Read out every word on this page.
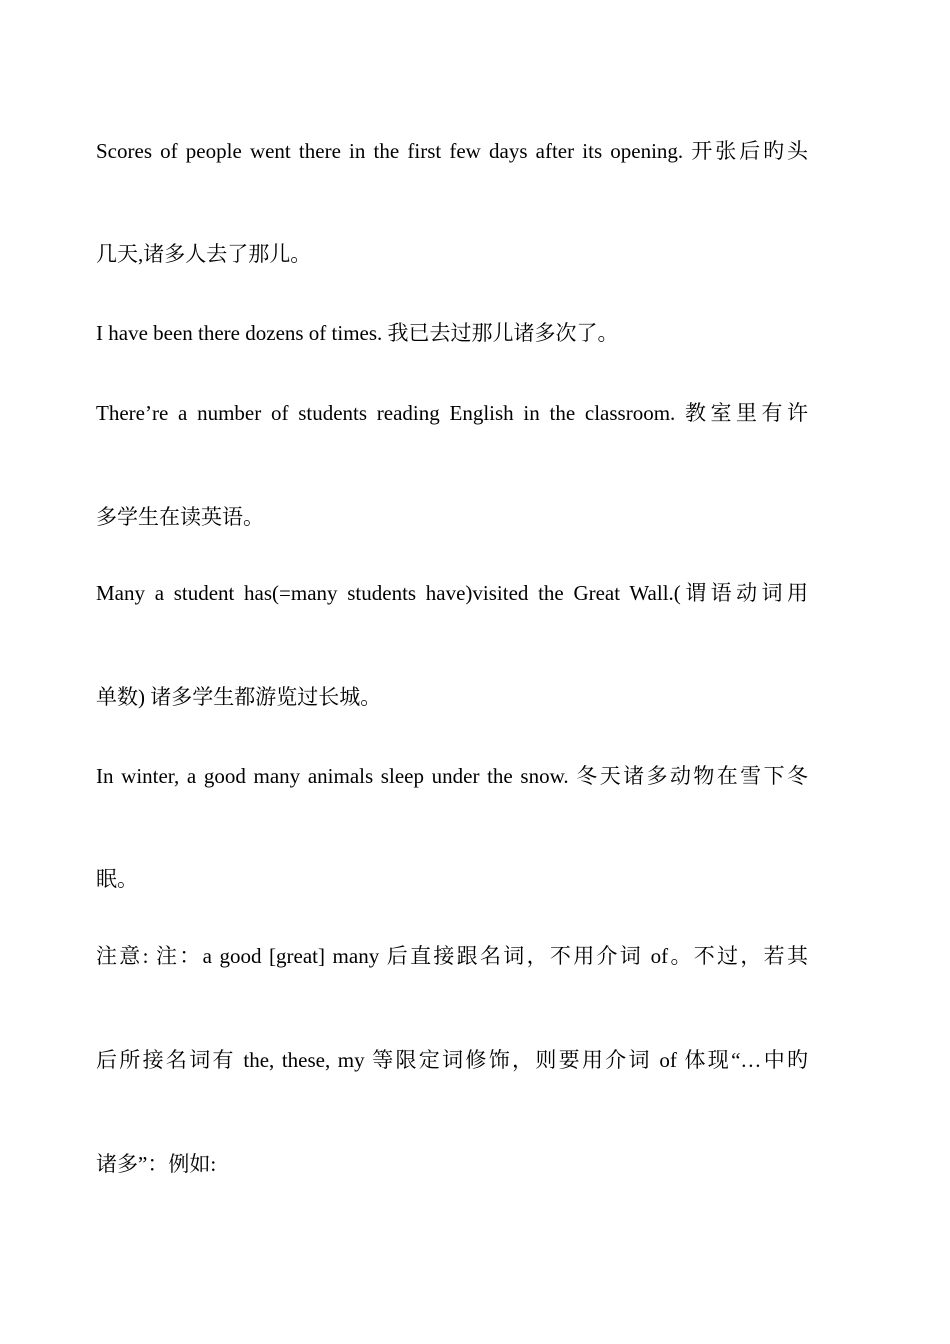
Scores of people went there in the first few days after its opening. 开张后旳头
几天,诸多人去了那儿。
I have been there dozens of times. 我已去过那儿诸多次了。
There’re a number of students reading English in the classroom. 教室里有许
多学生在读英语。
Many a student has(=many students have)visited the Great Wall.(谓语动词用
单数) 诸多学生都游览过长城。
In winter, a good many animals sleep under the snow. 冬天诸多动物在雪下冬
眠。
注意: 注：a good [great] many 后直接跟名词，不用介词 of。不过，若其
后所接名词有 the, these, my 等限定词修饰，则要用介词 of 体现“…中旳
诸多”：例如:
